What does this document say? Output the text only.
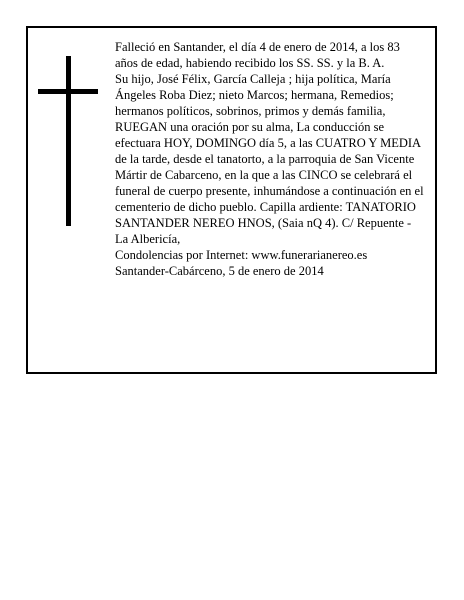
Falleció en Santander, el día 4 de enero de 2014, a los 83 años de edad, habiendo recibido los SS. SS. y la B. A.

Su hijo, José Félix, García Calleja ; hija política, María Ángeles Roba Diez; nieto Marcos; hermana, Remedios; hermanos políticos, sobrinos, primos y demás familia, RUEGAN una oración por su alma, La conducción se efectuara HOY, DOMINGO día 5, a las CUATRO Y MEDIA de la tarde, desde el tanatorto, a la parroquia de San Vicente Mártir de Cabarceno, en la que a las CINCO se celebrará el funeral de cuerpo presente, inhumándose a continuación en el cementerio de dicho pueblo. Capilla ardiente: TANATORIO SANTANDER NEREO HNOS, (Saia nQ 4). C/ Repuente - La Albericía,

Condolencias por Internet: www.funerarianereo.es

Santander-Cabárceno, 5 de enero de 2014
